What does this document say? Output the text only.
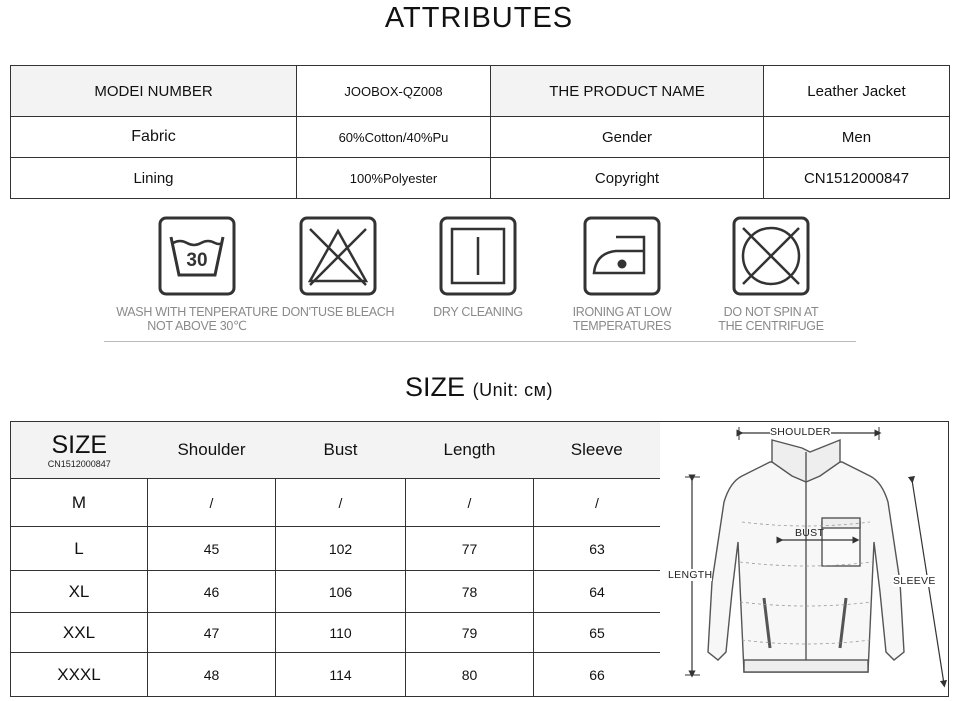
ATTRIBUTES
MODEI NUMBER	JOOBOX-QZ008	THE PRODUCT NAME	Leather Jacket
Fabric	60%Cotton/40%Pu	Gender	Men
Lining	100%Polyester	Copyright	CN1512000847
30
WASH WITH TENPERATURE
NOT ABOVE 30℃
DON'TUSE BLEACH	DRY CLEANING	IRONING AT LOW
TEMPERATURES
DO NOT SPIN AT
THE CENTRIFUGE
SIZE (Unit: см)
SIZE
CN1512000847	Shoulder	Bust	Length	Sleeve
M	/	/	/	/
L	45	102	77	63
XL	46	106	78	64
XXL	47	110	79	65
XXXL	48	114	80	66
SHOULDER
BUST
LENGTH	SLEEVE
